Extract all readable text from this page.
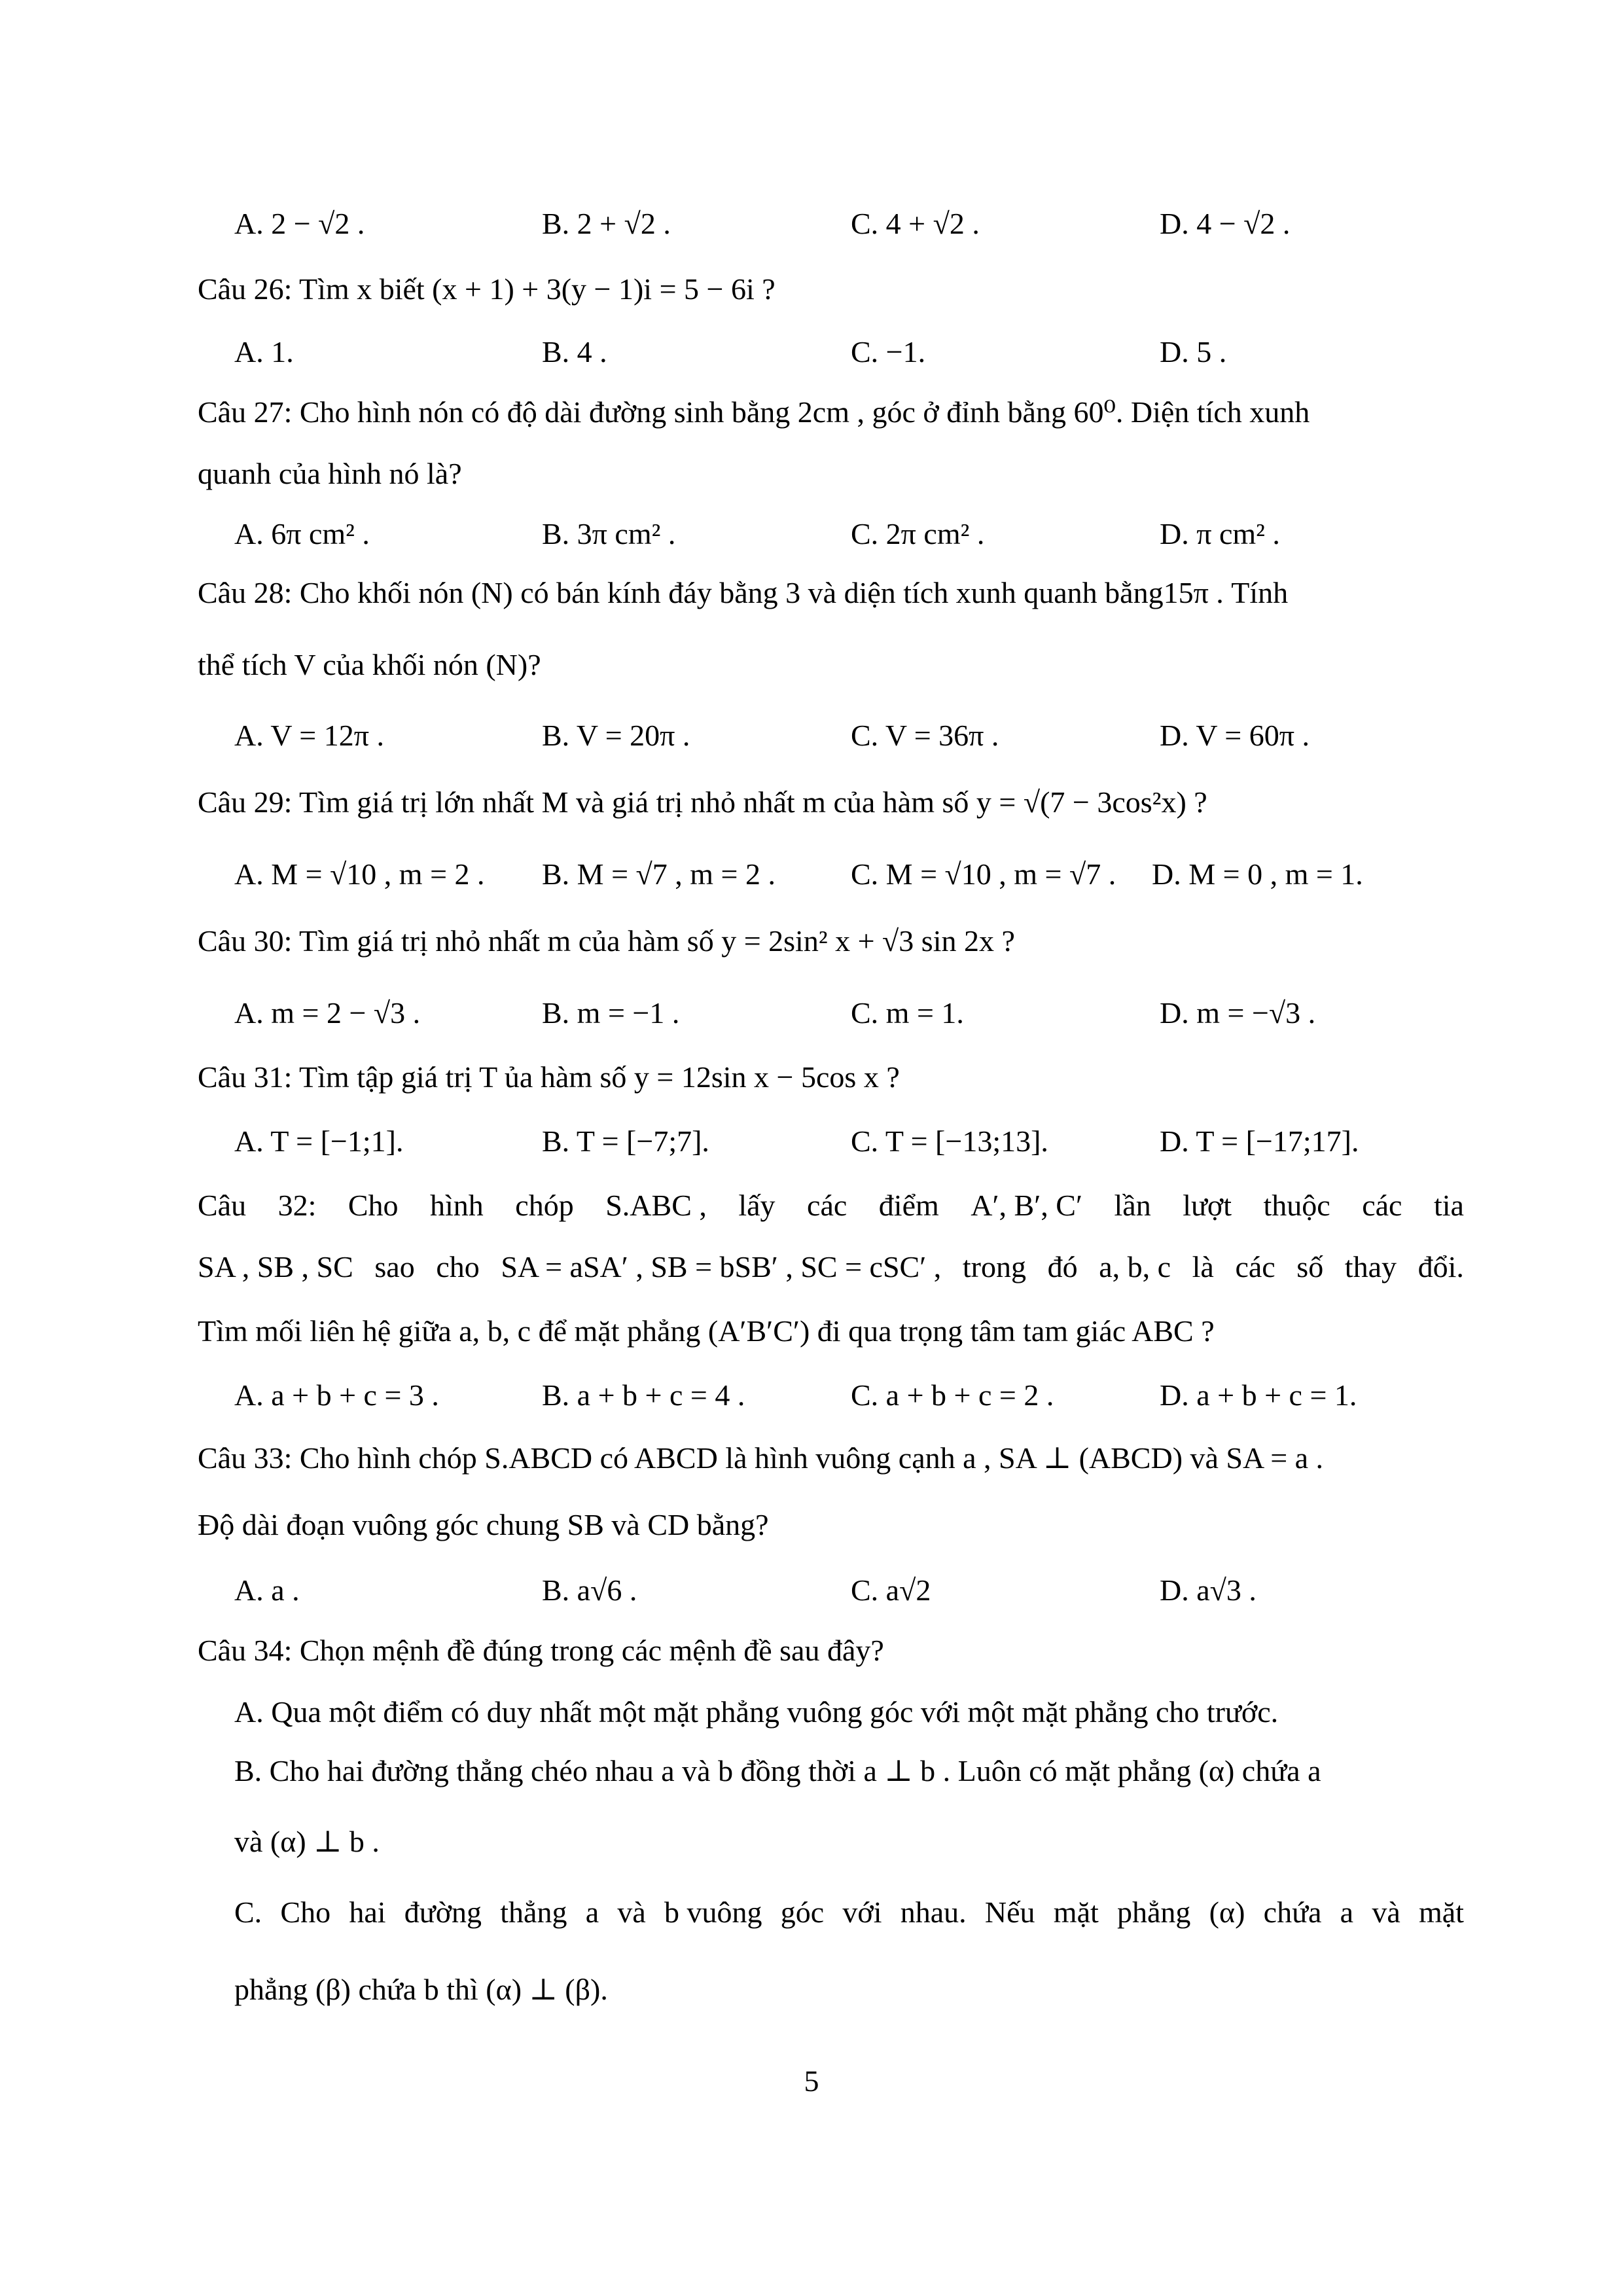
A. 2 − √2 .	B. 2 + √2 .	C. 4 + √2 .	D. 4 − √2 .
Câu 26: Tìm x biết (x + 1) + 3(y − 1)i = 5 − 6i ?
A. 1.	B. 4 .	C. −1.	D. 5 .
Câu 27: Cho hình nón có độ dài đường sinh bằng 2cm , góc ở đỉnh bằng 60⁰. Diện tích xunh
quanh của hình nó là?
A. 6π cm² .	B. 3π cm² .	C. 2π cm² .	D. π cm² .
Câu 28: Cho khối nón (N) có bán kính đáy bằng 3 và diện tích xunh quanh bằng15π . Tính
thể tích V của khối nón (N)?
A. V = 12π .	B. V = 20π .	C. V = 36π .	D. V = 60π .
Câu 29: Tìm giá trị lớn nhất M và giá trị nhỏ nhất m của hàm số y = √(7 − 3cos²x) ?
A. M = √10 , m = 2 . B. M = √7 , m = 2 .	C. M = √10 , m = √7 . D. M = 0 , m = 1.
Câu 30: Tìm giá trị nhỏ nhất m của hàm số y = 2sin² x + √3 sin 2x ?
A. m = 2 − √3 .	B. m = −1 .	C. m = 1.	D. m = −√3 .
Câu 31: Tìm tập giá trị T ủa hàm số y = 12sin x − 5cos x ?
A. T = [−1;1].	B. T = [−7;7].	C. T = [−13;13].	D. T = [−17;17].
Câu 32: Cho hình chóp S.ABC , lấy các điểm A′, B′, C′ lần lượt thuộc các tia
SA , SB , SC sao cho SA = aSA′ , SB = bSB′ , SC = cSC′ , trong đó a, b, c là các số thay đổi.
Tìm mối liên hệ giữa a, b, c để mặt phẳng (A′B′C′) đi qua trọng tâm tam giác ABC ?
A. a + b + c = 3 .	B. a + b + c = 4 .	C. a + b + c = 2 .	D. a + b + c = 1.
Câu 33: Cho hình chóp S.ABCD có ABCD là hình vuông cạnh a , SA ⊥ (ABCD) và SA = a .
Độ dài đoạn vuông góc chung SB và CD bằng?
A. a .	B. a√6 .	C. a√2	D. a√3 .
Câu 34: Chọn mệnh đề đúng trong các mệnh đề sau đây?
A. Qua một điểm có duy nhất một mặt phẳng vuông góc với một mặt phẳng cho trước.
B. Cho hai đường thẳng chéo nhau a và b đồng thời a ⊥ b . Luôn có mặt phẳng (α) chứa a
và (α) ⊥ b .
C. Cho hai đường thẳng a và b vuông góc với nhau. Nếu mặt phẳng (α) chứa a và mặt
phẳng (β) chứa b thì (α) ⊥ (β).
5
